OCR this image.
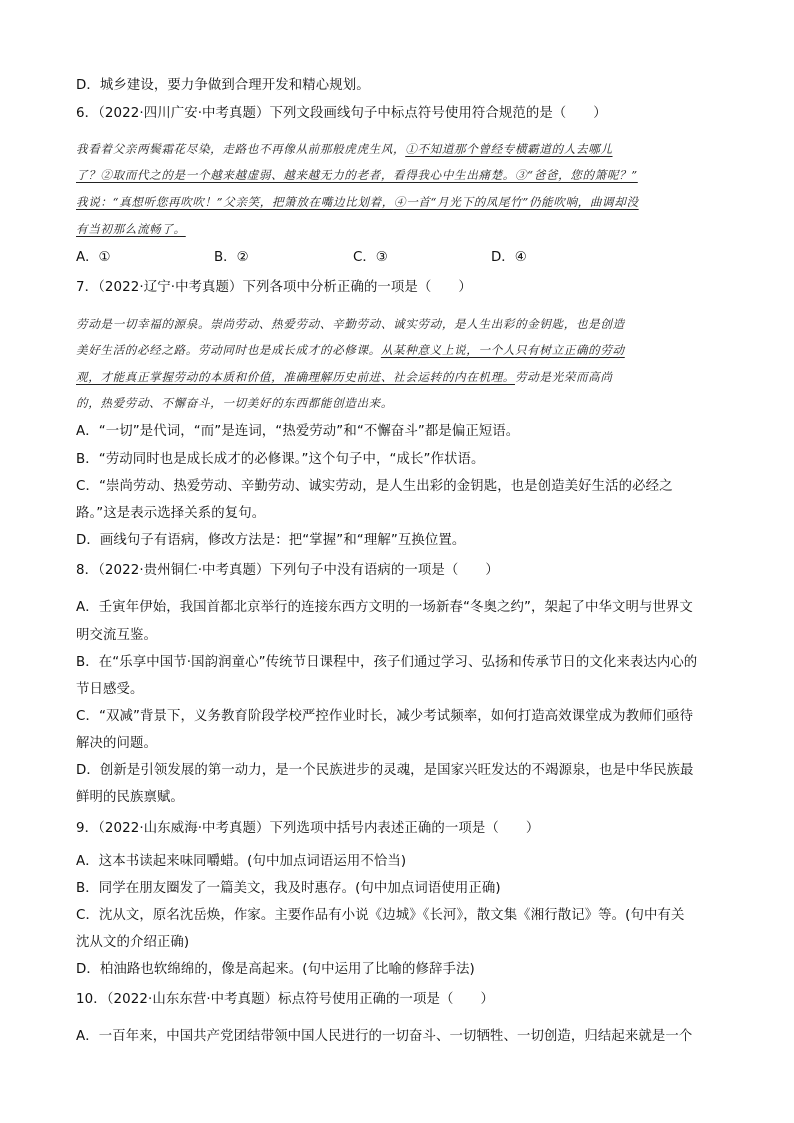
D．城乡建设，要力争做到合理开发和精心规划。
6．（2022·四川广安·中考真题）下列文段画线句子中标点符号使用符合规范的是（　　）
我看着父亲两鬓霜花尽染，走路也不再像从前那般虎虎生风，①不知道那个曾经专横霸道的人去哪儿
了？②取而代之的是一个越来越虚弱、越来越无力的老者，看得我心中生出痛楚。③“爸爸，您的箫呢？”
我说：“真想听您再吹吹！”父亲笑，把箫放在嘴边比划着，④一首“月光下的凤尾竹”仍能吹响，曲调却没
有当初那么流畅了。
A．①	B．②	C．③	D．④
7．（2022·辽宁·中考真题）下列各项中分析正确的一项是（　　）
劳动是一切幸福的源泉。崇尚劳动、热爱劳动、辛勤劳动、诚实劳动，是人生出彩的金钥匙，也是创造
美好生活的必经之路。劳动同时也是成长成才的必修课。从某种意义上说，一个人只有树立正确的劳动
观，才能真正掌握劳动的本质和价值，准确理解历史前进、社会运转的内在机理。劳动是光荣而高尚
的，热爱劳动、不懈奋斗，一切美好的东西都能创造出来。
A．“一切”是代词，“而”是连词，“热爱劳动”和“不懈奋斗”都是偏正短语。
B．“劳动同时也是成长成才的必修课。”这个句子中，“成长”作状语。
C．“崇尚劳动、热爱劳动、辛勤劳动、诚实劳动，是人生出彩的金钥匙，也是创造美好生活的必经之
路。”这是表示选择关系的复句。
D．画线句子有语病，修改方法是：把“掌握”和“理解”互换位置。
8．（2022·贵州铜仁·中考真题）下列句子中没有语病的一项是（　　）
A．壬寅年伊始，我国首都北京举行的连接东西方文明的一场新春“冬奥之约”，架起了中华文明与世界文
明交流互鉴。
B．在“乐享中国节·国韵润童心”传统节日课程中，孩子们通过学习、弘扬和传承节日的文化来表达内心的
节日感受。
C．“双减”背景下，义务教育阶段学校严控作业时长，减少考试频率，如何打造高效课堂成为教师们亟待
解决的问题。
D．创新是引领发展的第一动力，是一个民族进步的灵魂，是国家兴旺发达的不竭源泉，也是中华民族最
鲜明的民族禀赋。
9．（2022·山东威海·中考真题）下列选项中括号内表述正确的一项是（　　）
A．这本书读起来味同嚼蜡。(句中加点词语运用不恰当)
B．同学在朋友圈发了一篇美文，我及时惠存。(句中加点词语使用正确)
C．沈从文，原名沈岳焕，作家。主要作品有小说《边城》《长河》，散文集《湘行散记》等。(句中有关
沈从文的介绍正确)
D．柏油路也软绵绵的，像是高起来。(句中运用了比喻的修辞手法)
10．（2022·山东东营·中考真题）标点符号使用正确的一项是（　　）
A．一百年来，中国共产党团结带领中国人民进行的一切奋斗、一切牺牲、一切创造，归结起来就是一个
